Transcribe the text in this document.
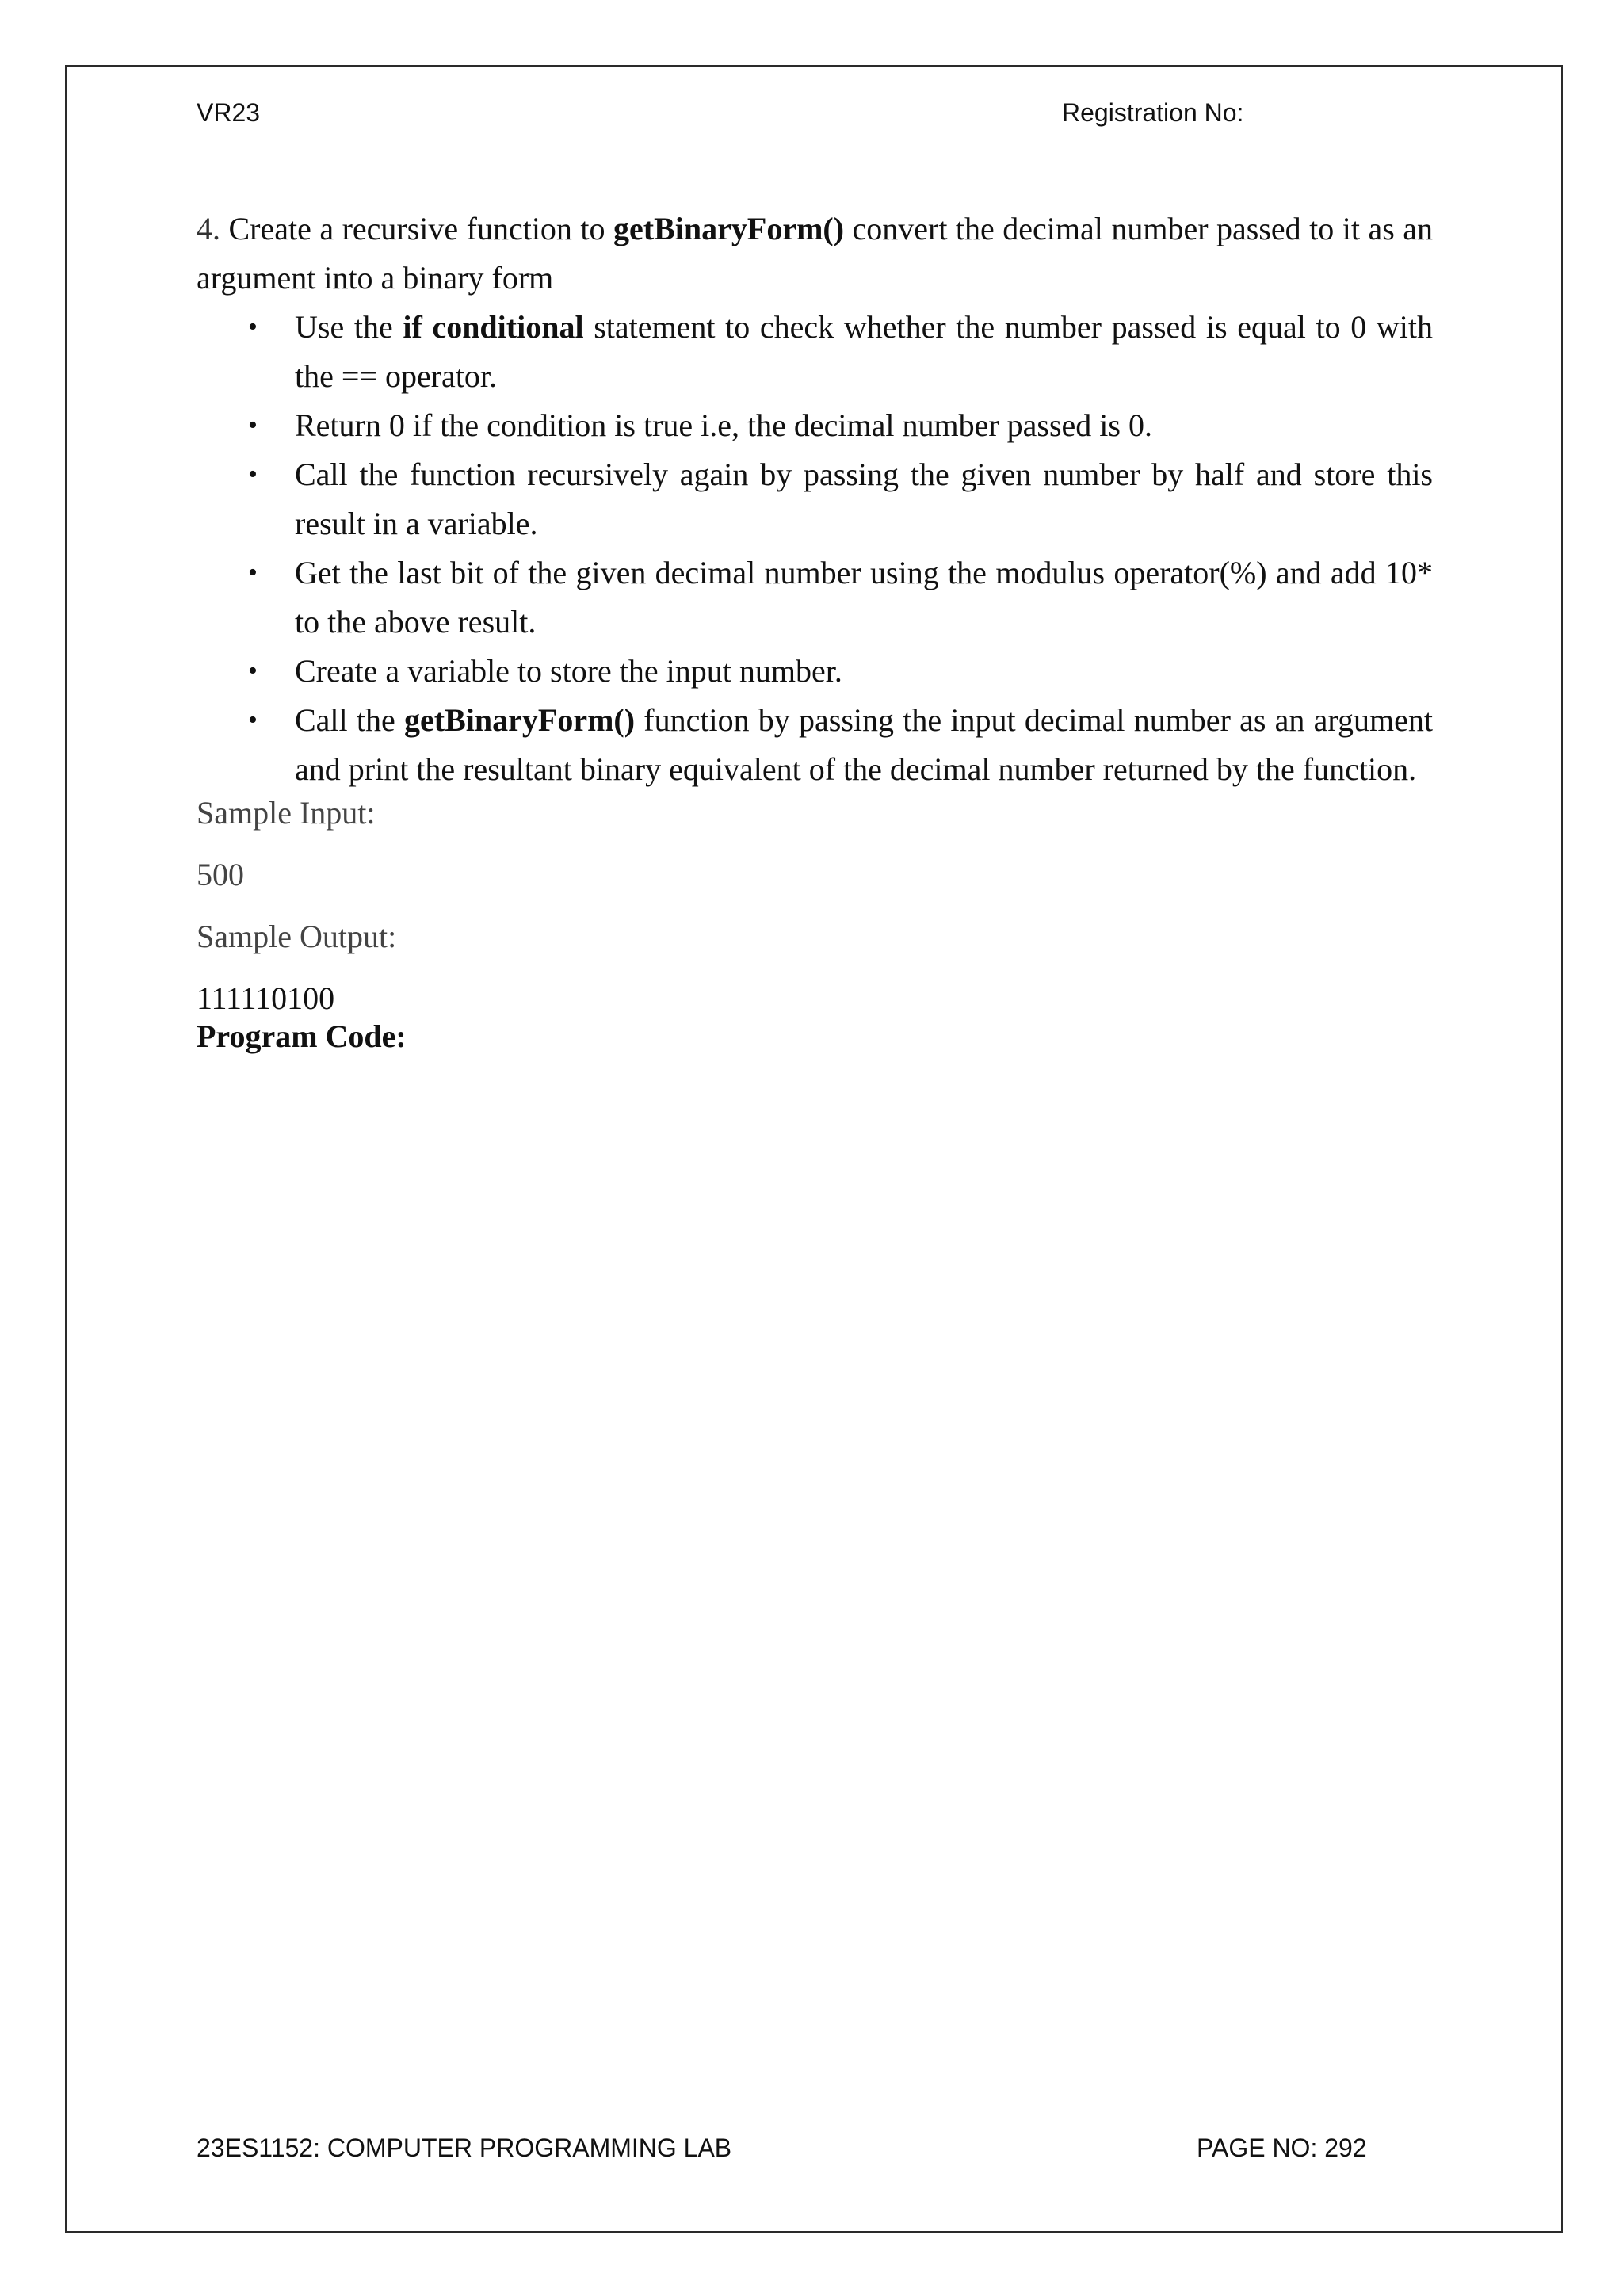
VR23	Registration No:

4. Create a recursive function to getBinaryForm() convert the decimal number passed to it as an argument into a binary form

• Use the if conditional statement to check whether the number passed is equal to 0 with the == operator.
• Return 0 if the condition is true i.e, the decimal number passed is 0.
• Call the function recursively again by passing the given number by half and store this result in a variable.
• Get the last bit of the given decimal number using the modulus operator(%) and add 10* to the above result.
• Create a variable to store the input number.
• Call the getBinaryForm() function by passing the input decimal number as an argument and print the resultant binary equivalent of the decimal number returned by the function.

Sample Input:

500

Sample Output:

111110100

Program Code:

23ES1152: COMPUTER PROGRAMMING LAB	PAGE NO: 292
